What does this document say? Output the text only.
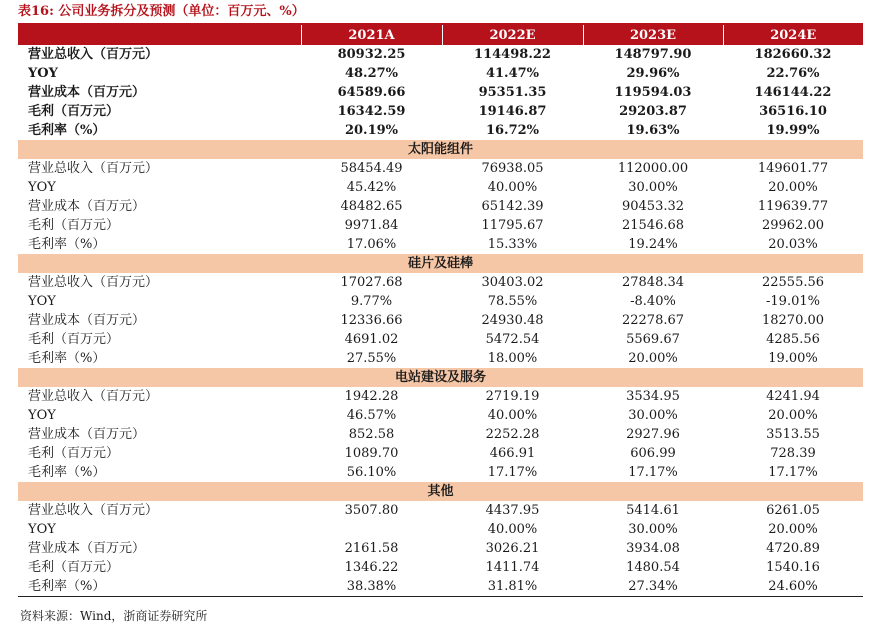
表16: 公司业务拆分及预测（单位：百万元、%）
	2021A	2022E	2023E	2024E
营业总收入（百万元）	80932.25	114498.22	148797.90	182660.32
YOY	48.27%	41.47%	29.96%	22.76%
营业成本（百万元）	64589.66	95351.35	119594.03	146144.22
毛利（百万元）	16342.59	19146.87	29203.87	36516.10
毛利率（%）	20.19%	16.72%	19.63%	19.99%
太阳能组件				
营业总收入（百万元）	58454.49	76938.05	112000.00	149601.77
YOY	45.42%	40.00%	30.00%	20.00%
营业成本（百万元）	48482.65	65142.39	90453.32	119639.77
毛利（百万元）	9971.84	11795.67	21546.68	29962.00
毛利率（%）	17.06%	15.33%	19.24%	20.03%
硅片及硅棒				
营业总收入（百万元）	17027.68	30403.02	27848.34	22555.56
YOY	9.77%	78.55%	-8.40%	-19.01%
营业成本（百万元）	12336.66	24930.48	22278.67	18270.00
毛利（百万元）	4691.02	5472.54	5569.67	4285.56
毛利率（%）	27.55%	18.00%	20.00%	19.00%
电站建设及服务				
营业总收入（百万元）	1942.28	2719.19	3534.95	4241.94
YOY	46.57%	40.00%	30.00%	20.00%
营业成本（百万元）	852.58	2252.28	2927.96	3513.55
毛利（百万元）	1089.70	466.91	606.99	728.39
毛利率（%）	56.10%	17.17%	17.17%	17.17%
其他				
营业总收入（百万元）	3507.80	4437.95	5414.61	6261.05
YOY		40.00%	30.00%	20.00%
营业成本（百万元）	2161.58	3026.21	3934.08	4720.89
毛利（百万元）	1346.22	1411.74	1480.54	1540.16
毛利率（%）	38.38%	31.81%	27.34%	24.60%
资料来源：Wind，浙商证券研究所
